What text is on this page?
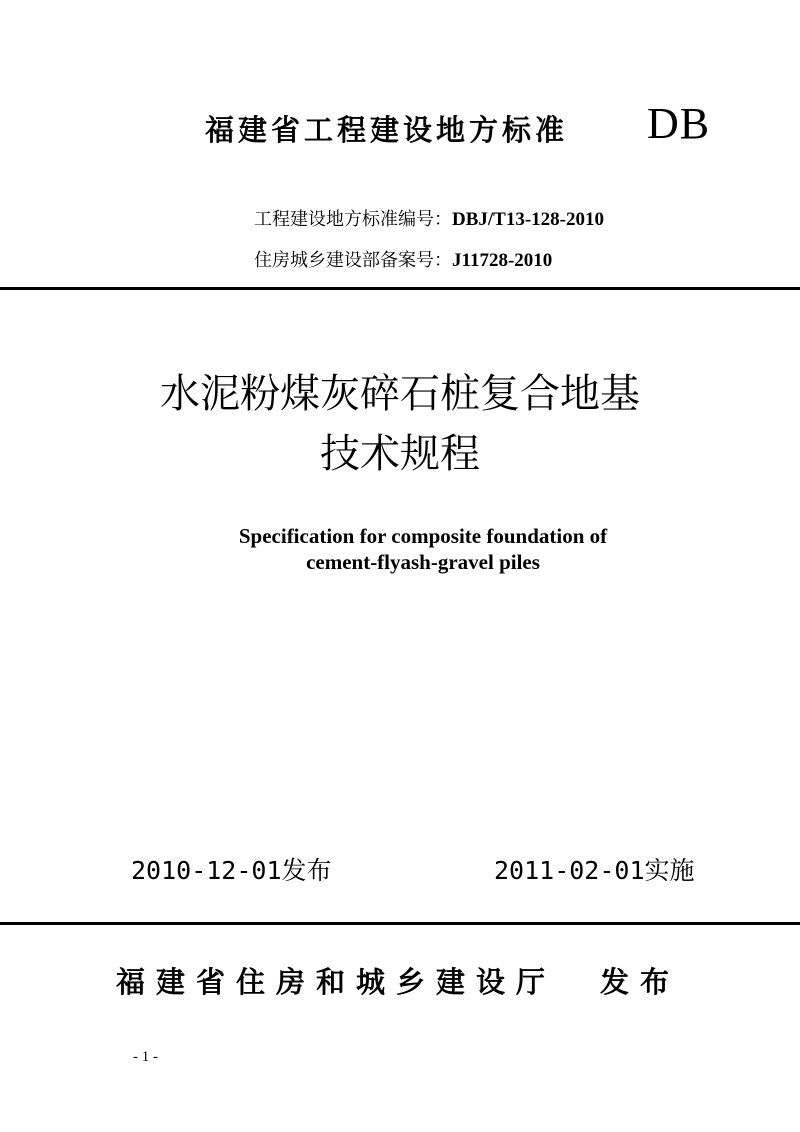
福建省工程建设地方标准 DB
工程建设地方标准编号：DBJ/T13-128-2010
住房城乡建设部备案号：J11728-2010
水泥粉煤灰碎石桩复合地基
技术规程
Specification for composite foundation of
cement-flyash-gravel piles
2010-12-01发布	2011-02-01实施
福建省住房和城乡建设厅 发布
- 1 -
